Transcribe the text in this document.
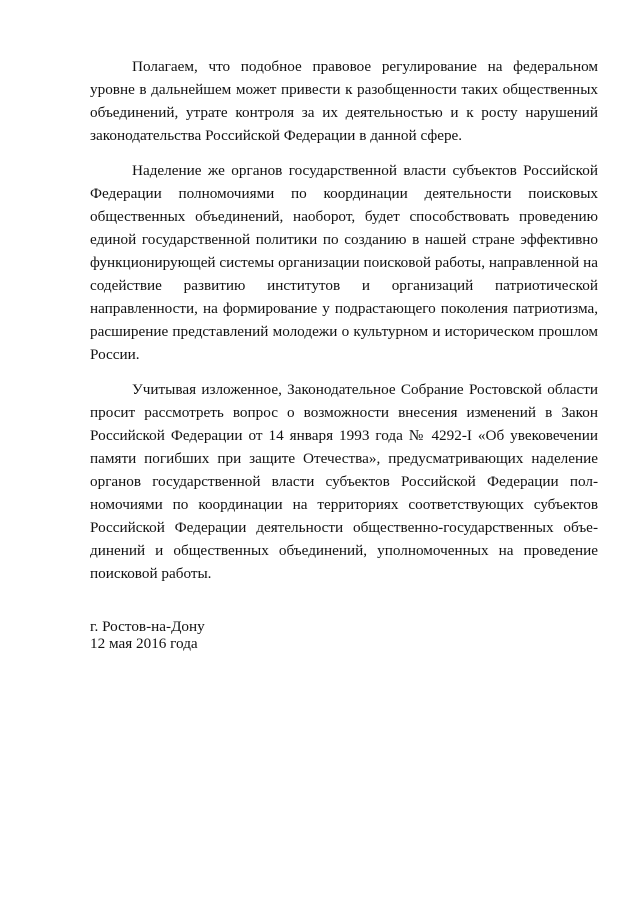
Полагаем, что подобное правовое регулирование на федеральном уровне в дальнейшем может привести к разобщенности таких общественных объединений, утрате контроля за их деятельностью и к росту нарушений законодательства Российской Федерации в данной сфере.

Наделение же органов государственной власти субъектов Российской Федерации полномочиями по координации деятельности поисковых общественных объединений, наоборот, будет способствовать проведению единой государственной политики по созданию в нашей стране эффективно функционирующей системы организации поисковой работы, направленной на содействие развитию институтов и организаций патриотической направленности, на формирование у подрастающего поколения патриотизма, расширение представлений молодежи о культурном и историческом прошлом России.

Учитывая изложенное, Законодательное Собрание Ростовской области просит рассмотреть вопрос о возможности внесения изменений в Закон Российской Федерации от 14 января 1993 года № 4292-I «Об увековечении памяти погибших при защите Отечества», предусматривающих наделение органов государственной власти субъектов Российской Федерации полномочиями по координации на территориях соответствующих субъектов Российской Федерации деятельности общественно-государственных объединений и общественных объединений, уполномоченных на проведение поисковой работы.

г. Ростов-на-Дону
12 мая 2016 года
